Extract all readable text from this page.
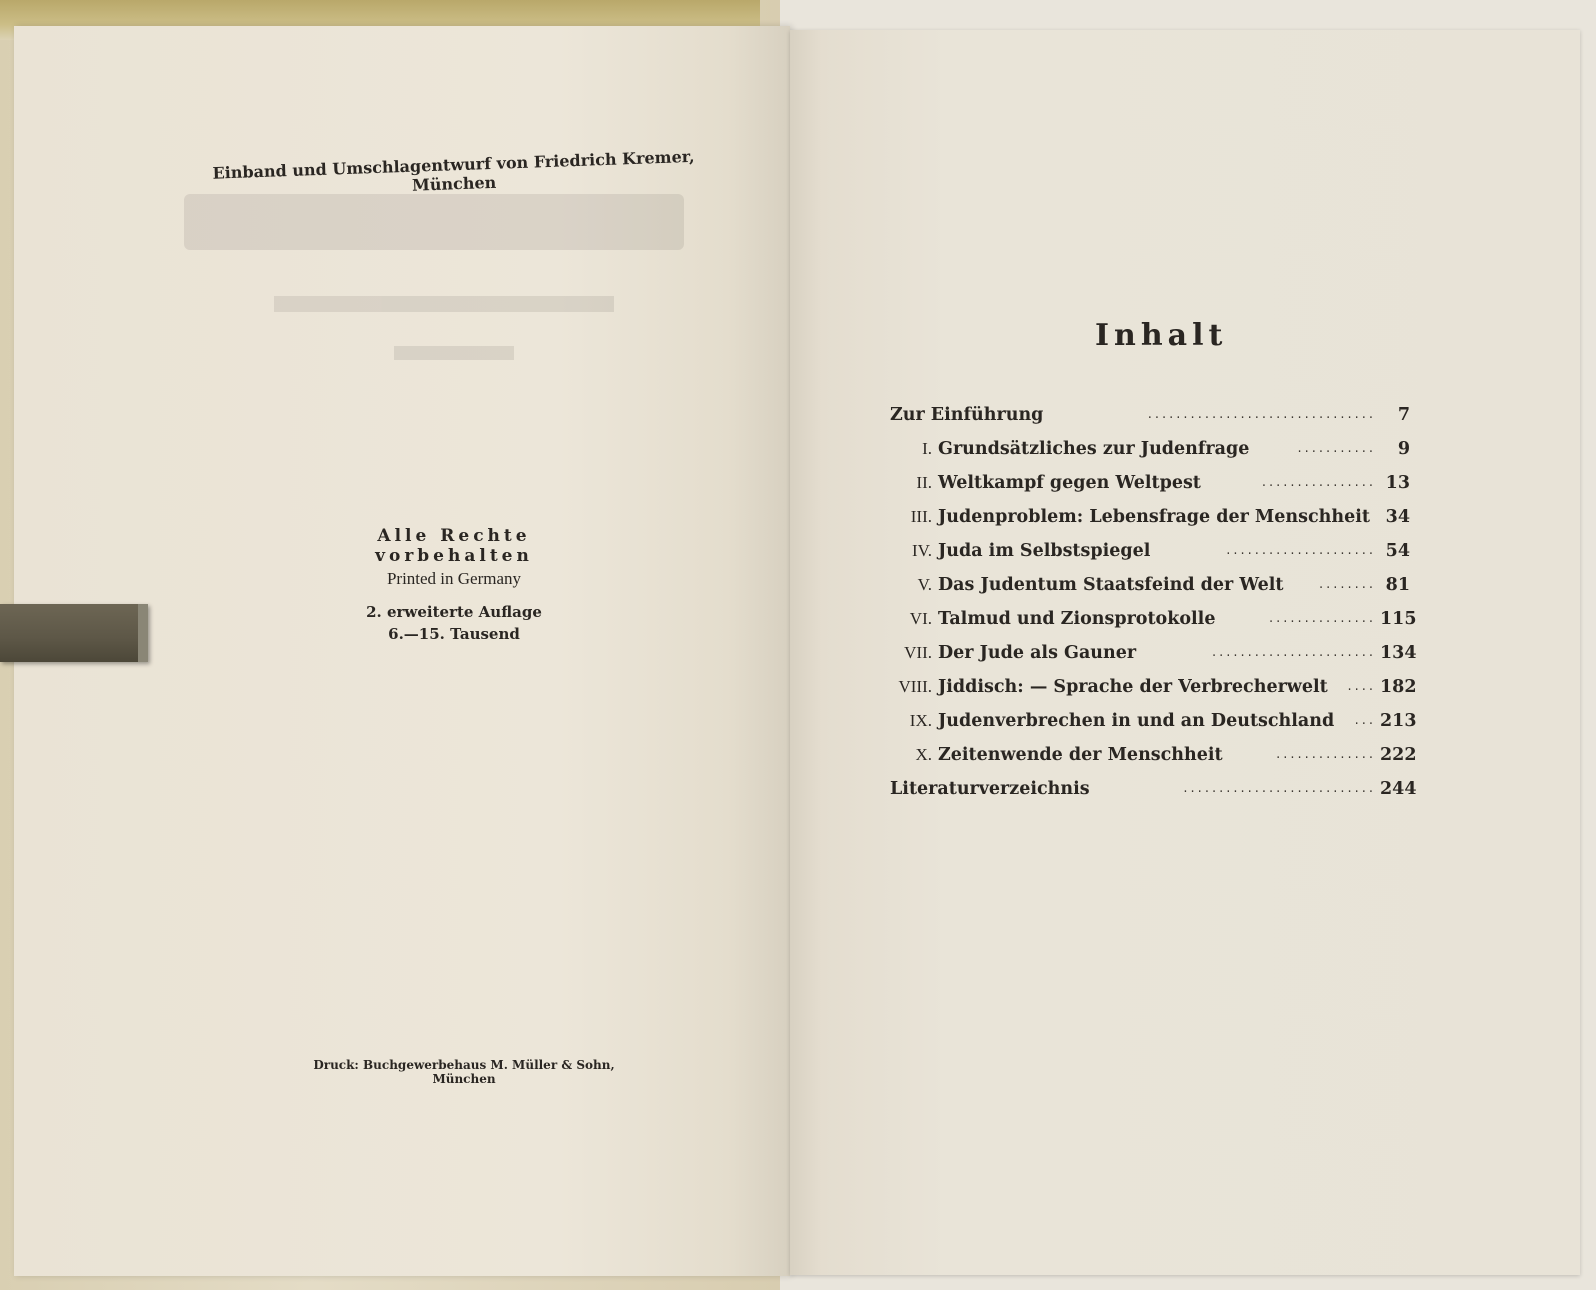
Einband und Umschlagentwurf von Friedrich Kremer, München
Alle Rechte vorbehalten
Printed in Germany
2. erweiterte Auflage
6.—15. Tausend
Druck: Buchgewerbehaus M. Müller & Sohn, München
Inhalt
Zur Einführung	................................	7
I. Grundsätzliches zur Judenfrage	...........	9
II. Weltkampf gegen Weltpest	................ 13
III. Judenproblem: Lebensfrage der Menschheit 34
IV. Juda im Selbstspiegel	..................... 54
V. Das Judentum Staatsfeind der Welt	........ 81
VI. Talmud und Zionsprotokolle	............... 115
VII. Der Jude als Gauner	....................... 134
VIII. Jiddisch: — Sprache der Verbrecherwelt .... 182
IX. Judenverbrechen in und an Deutschland ... 213
X. Zeitenwende der Menschheit	.............. 222
Literaturverzeichnis	........................... 244
